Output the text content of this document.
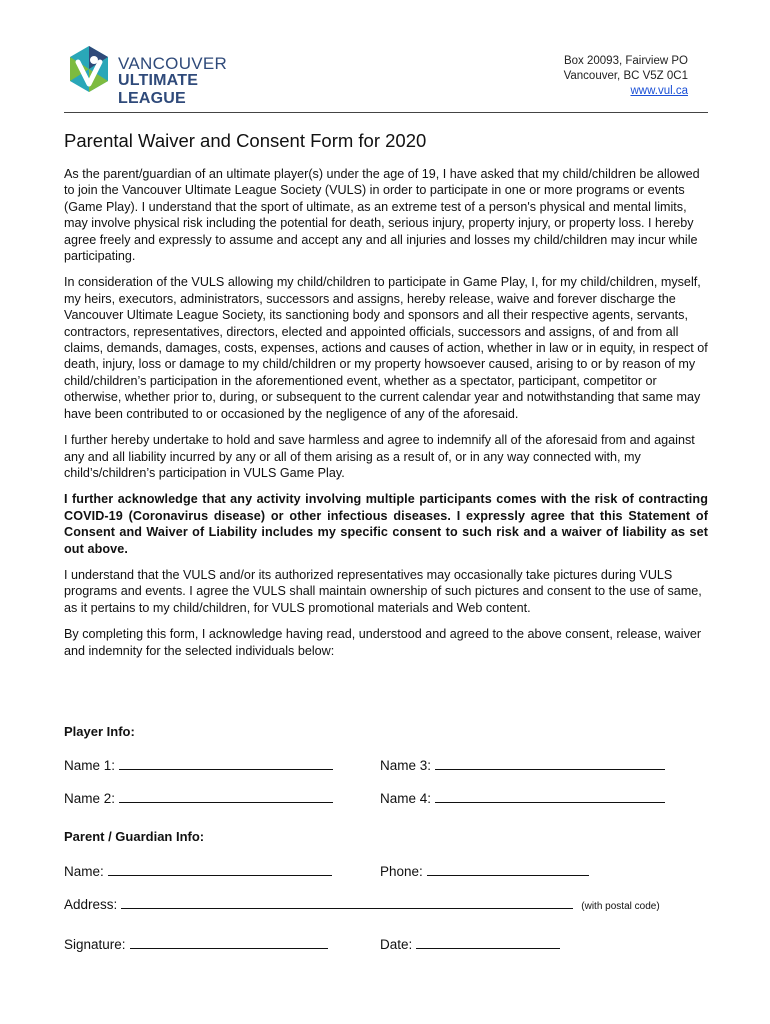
VANCOUVER
ULTIMATE LEAGUE
Box 20093, Fairview PO
Vancouver, BC V5Z 0C1
www.vul.ca
Parental Waiver and Consent Form for 2020

As the parent/guardian of an ultimate player(s) under the age of 19, I have asked that my child/children be allowed to join the Vancouver Ultimate League Society (VULS) in order to participate in one or more programs or events (Game Play). I understand that the sport of ultimate, as an extreme test of a person's physical and mental limits, may involve physical risk including the potential for death, serious injury, property injury, or property loss. I hereby agree freely and expressly to assume and accept any and all injuries and losses my child/children may incur while participating.

In consideration of the VULS allowing my child/children to participate in Game Play, I, for my child/children, myself, my heirs, executors, administrators, successors and assigns, hereby release, waive and forever discharge the Vancouver Ultimate League Society, its sanctioning body and sponsors and all their respective agents, servants, contractors, representatives, directors, elected and appointed officials, successors and assigns, of and from all claims, demands, damages, costs, expenses, actions and causes of action, whether in law or in equity, in respect of death, injury, loss or damage to my child/children or my property howsoever caused, arising to or by reason of my child/children’s participation in the aforementioned event, whether as a spectator, participant, competitor or otherwise, whether prior to, during, or subsequent to the current calendar year and notwithstanding that same may have been contributed to or occasioned by the negligence of any of the aforesaid.

I further hereby undertake to hold and save harmless and agree to indemnify all of the aforesaid from and against any and all liability incurred by any or all of them arising as a result of, or in any way connected with, my child’s/children’s participation in VULS Game Play.

I further acknowledge that any activity involving multiple participants comes with the risk of contracting COVID-19 (Coronavirus disease) or other infectious diseases. I expressly agree that this Statement of Consent and Waiver of Liability includes my specific consent to such risk and a waiver of liability as set out above.

I understand that the VULS and/or its authorized representatives may occasionally take pictures during VULS programs and events. I agree the VULS shall maintain ownership of such pictures and consent to the use of same, as it pertains to my child/children, for VULS promotional materials and Web content.

By completing this form, I acknowledge having read, understood and agreed to the above consent, release, waiver and indemnity for the selected individuals below:

Player Info:
Name 1:	Name 3:
Name 2:	Name 4:
Parent / Guardian Info:
Name:	Phone:
Address:	(with postal code)
Signature:	Date:
